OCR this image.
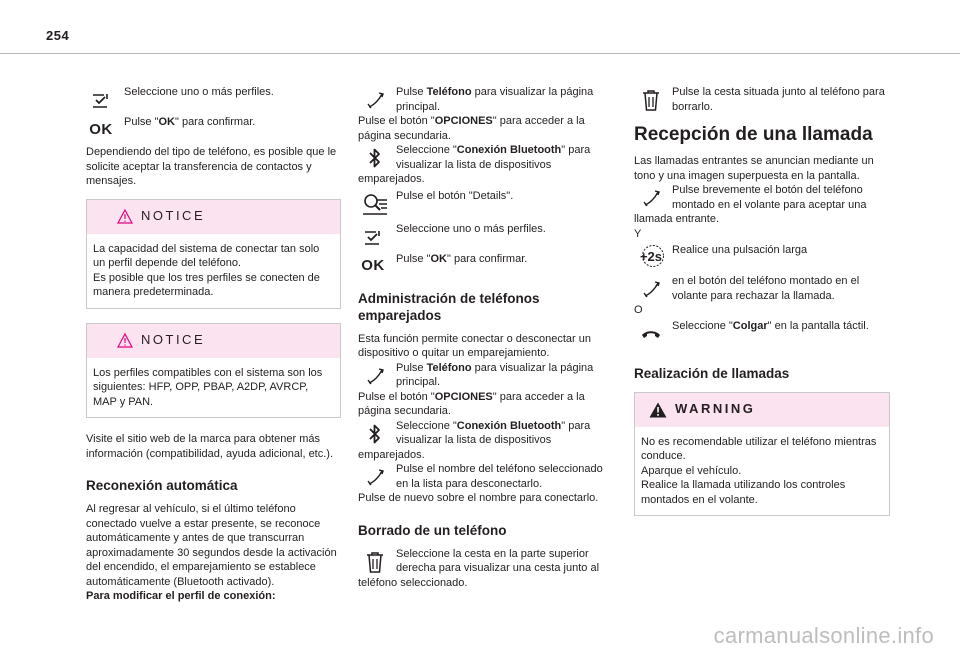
254

Seleccione uno o más perfiles.

OK Pulse "OK" para confirmar.

Dependiendo del tipo de teléfono, es posible que le solicite aceptar la transferencia de contactos y mensajes.

NOTICE

La capacidad del sistema de conectar tan solo un perfil depende del teléfono.

Es posible que los tres perfiles se conecten de manera predeterminada.

NOTICE

Los perfiles compatibles con el sistema son los siguientes: HFP, OPP, PBAP, A2DP, AVRCP, MAP y PAN.

Visite el sitio web de la marca para obtener más información (compatibilidad, ayuda adicional, etc.).

Reconexión automática

Al regresar al vehículo, si el último teléfono conectado vuelve a estar presente, se reconoce automáticamente y antes de que transcurran aproximadamente 30 segundos desde la activación del encendido, el emparejamiento se establece automáticamente (Bluetooth activado).

Para modificar el perfil de conexión:

Pulse Teléfono para visualizar la página principal.

Pulse el botón "OPCIONES" para acceder a la página secundaria.

Seleccione "Conexión Bluetooth" para visualizar la lista de dispositivos emparejados.

Pulse el botón "Details".

Seleccione uno o más perfiles.

OK Pulse "OK" para confirmar.

Administración de teléfonos emparejados

Esta función permite conectar o desconectar un dispositivo o quitar un emparejamiento.

Pulse Teléfono para visualizar la página principal.

Pulse el botón "OPCIONES" para acceder a la página secundaria.

Seleccione "Conexión Bluetooth" para visualizar la lista de dispositivos emparejados.

Pulse el nombre del teléfono seleccionado en la lista para desconectarlo.

Pulse de nuevo sobre el nombre para conectarlo.

Borrado de un teléfono

Seleccione la cesta en la parte superior derecha para visualizar una cesta junto al teléfono seleccionado.

Pulse la cesta situada junto al teléfono para borrarlo.

Recepción de una llamada

Las llamadas entrantes se anuncian mediante un tono y una imagen superpuesta en la pantalla.

Pulse brevemente el botón del teléfono montado en el volante para aceptar una llamada entrante.

Y

+2s Realice una pulsación larga

en el botón del teléfono montado en el volante para rechazar la llamada.

O

Seleccione "Colgar" en la pantalla táctil.

Realización de llamadas
WARNING

No es recomendable utilizar el teléfono mientras conduce.

Aparque el vehículo.

Realice la llamada utilizando los controles montados en el volante.

carmanualsonline.info
